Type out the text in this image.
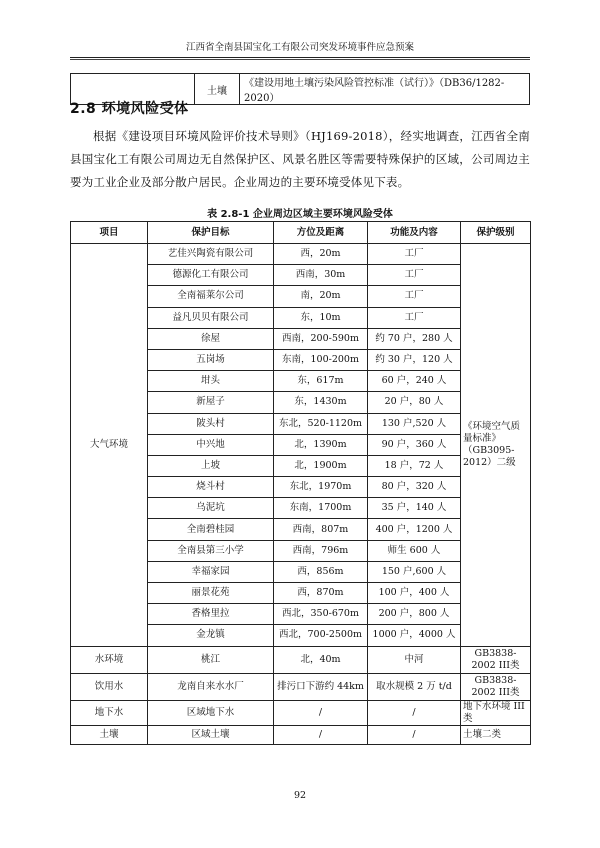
江西省全南县国宝化工有限公司突发环境事件应急预案
	土壤	《建设用地土壤污染风险管控标准（试行）》（DB36/1282-2020）
2.8 环境风险受体
根据《建设项目环境风险评价技术导则》（HJ169-2018），经实地调查，江西省全南县国宝化工有限公司周边无自然保护区、风景名胜区等需要特殊保护的区域，公司周边主要为工业企业及部分散户居民。企业周边的主要环境受体见下表。
表 2.8-1 企业周边区域主要环境风险受体
项目	保护目标	方位及距离	功能及内容	保护级别
大气环境	艺佳兴陶瓷有限公司	西，20m	工厂	《环境空气质量标准》（GB3095-2012）二级
	德源化工有限公司	西南，30m	工厂	
	全南福莱尔公司	南，20m	工厂	
	益凡贝贝有限公司	东，10m	工厂	
	徐屋	西南，200-590m	约 70 户，280 人	
	五岗场	东南，100-200m	约 30 户，120 人	
	坩头	东，617m	60 户，240 人	
	新屋子	东，1430m	20 户，80 人	
	陂头村	东北，520-1120m	130 户,520 人	
	中兴地	北，1390m	90 户，360 人	
	上坡	北，1900m	18 户，72 人	
	烧斗村	东北，1970m	80 户，320 人	
	乌泥坑	东南，1700m	35 户，140 人	
	全南碧桂园	西南，807m	400 户，1200 人	
	全南县第三小学	西南，796m	师生 600 人	
	幸福家园	西，856m	150 户,600 人	
	丽景花苑	西，870m	100 户，400 人	
	香格里拉	西北，350-670m	200 户，800 人	
	金龙镇	西北，700-2500m	1000 户，4000 人	
水环境	桃江	北，40m	中河	GB3838-2002 III类
饮用水	龙南自来水水厂	排污口下游约 44km	取水规模 2 万 t/d	GB3838-2002 III类
地下水	区域地下水	/	/	地下水环境 III类
土壤	区域土壤	/	/	土壤二类
92
